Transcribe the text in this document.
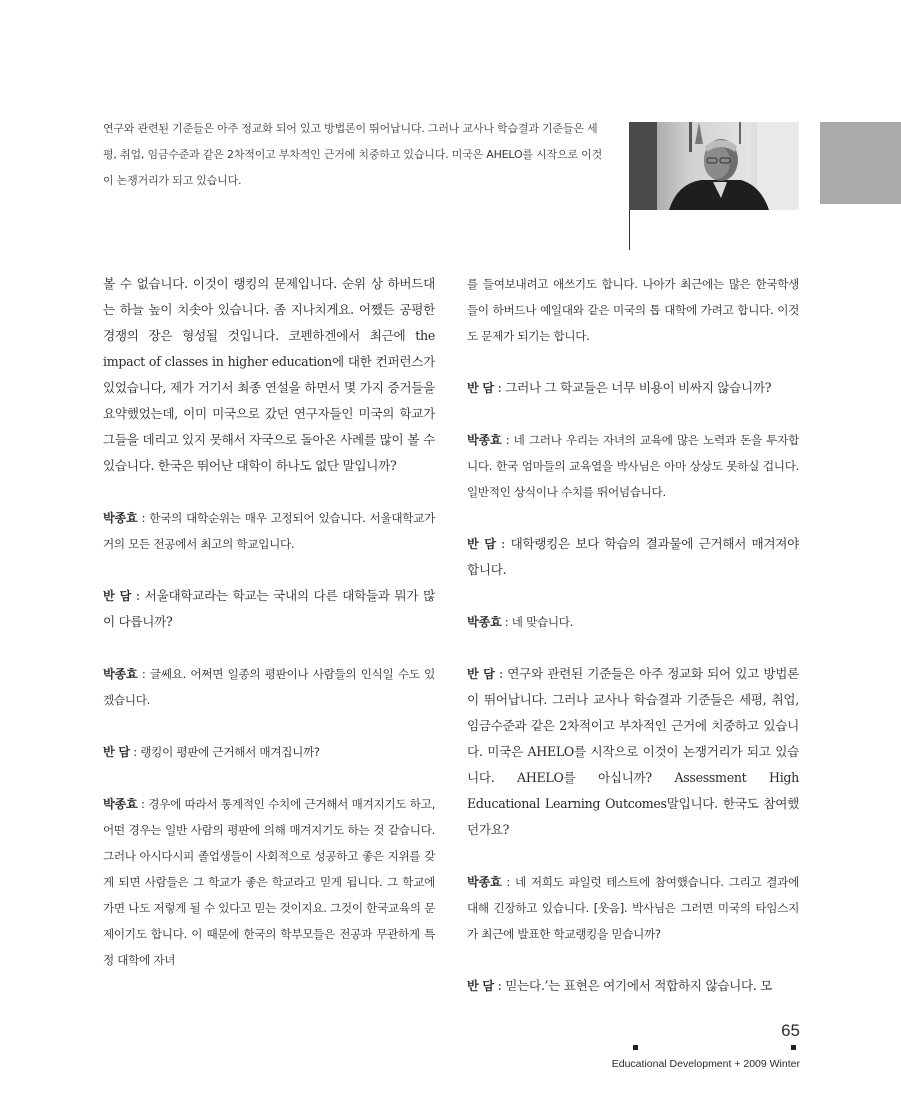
연구와 관련된 기준들은 아주 정교화 되어 있고 방법론이 뛰어납니다. 그러나 교사나 학습결과 기준들은 세평, 취업, 임금수준과 같은 2차적이고 부차적인 근거에 치중하고 있습니다. 미국은 AHELO를 시작으로 이것이 논쟁거리가 되고 있습니다.

볼 수 없습니다. 이것이 랭킹의 문제입니다. 순위 상 하버드대는 하늘 높이 치솟아 있습니다. 좀 지나치게요. 어쨌든 공평한 경쟁의 장은 형성될 것입니다. 코펜하겐에서 최근에 the impact of classes in higher education에 대한 컨퍼런스가 있었습니다, 제가 거기서 최종 연설을 하면서 몇 가지 증거들을 요약했었는데, 이미 미국으로 갔던 연구자들인 미국의 학교가 그들을 데리고 있지 못해서 자국으로 돌아온 사례를 많이 볼 수 있습니다. 한국은 뛰어난 대학이 하나도 없단 말입니까?

박종효 : 한국의 대학순위는 매우 고정되어 있습니다. 서울대학교가 거의 모든 전공에서 최고의 학교입니다.

반 담 : 서울대학교라는 학교는 국내의 다른 대학들과 뭐가 많이 다릅니까?

박종효 : 글쎄요. 어쩌면 일종의 평판이나 사람들의 인식일 수도 있겠습니다.

반 담 : 랭킹이 평판에 근거해서 매겨집니까?

박종효 : 경우에 따라서 통계적인 수치에 근거해서 매겨지기도 하고, 어떤 경우는 일반 사람의 평판에 의해 매겨지기도 하는 것 같습니다. 그러나 아시다시피 졸업생들이 사회적으로 성공하고 좋은 지위를 갖게 되면 사람들은 그 학교가 좋은 학교라고 믿게 됩니다. 그 학교에 가면 나도 저렇게 될 수 있다고 믿는 것이지요. 그것이 한국교육의 문제이기도 합니다. 이 때문에 한국의 학부모들은 전공과 무관하게 특정 대학에 자녀

를 들여보내려고 애쓰기도 합니다. 나아가 최근에는 많은 한국학생들이 하버드나 예일대와 같은 미국의 톱 대학에 가려고 합니다. 이것도 문제가 되기는 합니다.

반 담 : 그러나 그 학교들은 너무 비용이 비싸지 않습니까?

박종효 : 네 그러나 우리는 자녀의 교육에 많은 노력과 돈을 투자합니다. 한국 엄마들의 교육열을 박사님은 아마 상상도 못하실 겁니다. 일반적인 상식이나 수치를 뛰어넘습니다.

반 담 : 대학랭킹은 보다 학습의 결과물에 근거해서 매겨져야 합니다.

박종효 : 네 맞습니다.

반 담 : 연구와 관련된 기준들은 아주 정교화 되어 있고 방법론이 뛰어납니다. 그러나 교사나 학습결과 기준들은 세평, 취업, 임금수준과 같은 2차적이고 부차적인 근거에 치중하고 있습니다. 미국은 AHELO를 시작으로 이것이 논쟁거리가 되고 있습니다. AHELO를 아십니까? Assessment High Educational Learning Outcomes말입니다. 한국도 참여했던가요?

박종효 : 네 저희도 파일럿 테스트에 참여했습니다. 그리고 결과에 대해 긴장하고 있습니다. [웃음]. 박사님은 그러면 미국의 타임스지가 최근에 발표한 학교랭킹을 믿습니까?

반 담 : 믿는다.’는 표현은 여기에서 적합하지 않습니다. 모

65
Educational Development + 2009 Winter
